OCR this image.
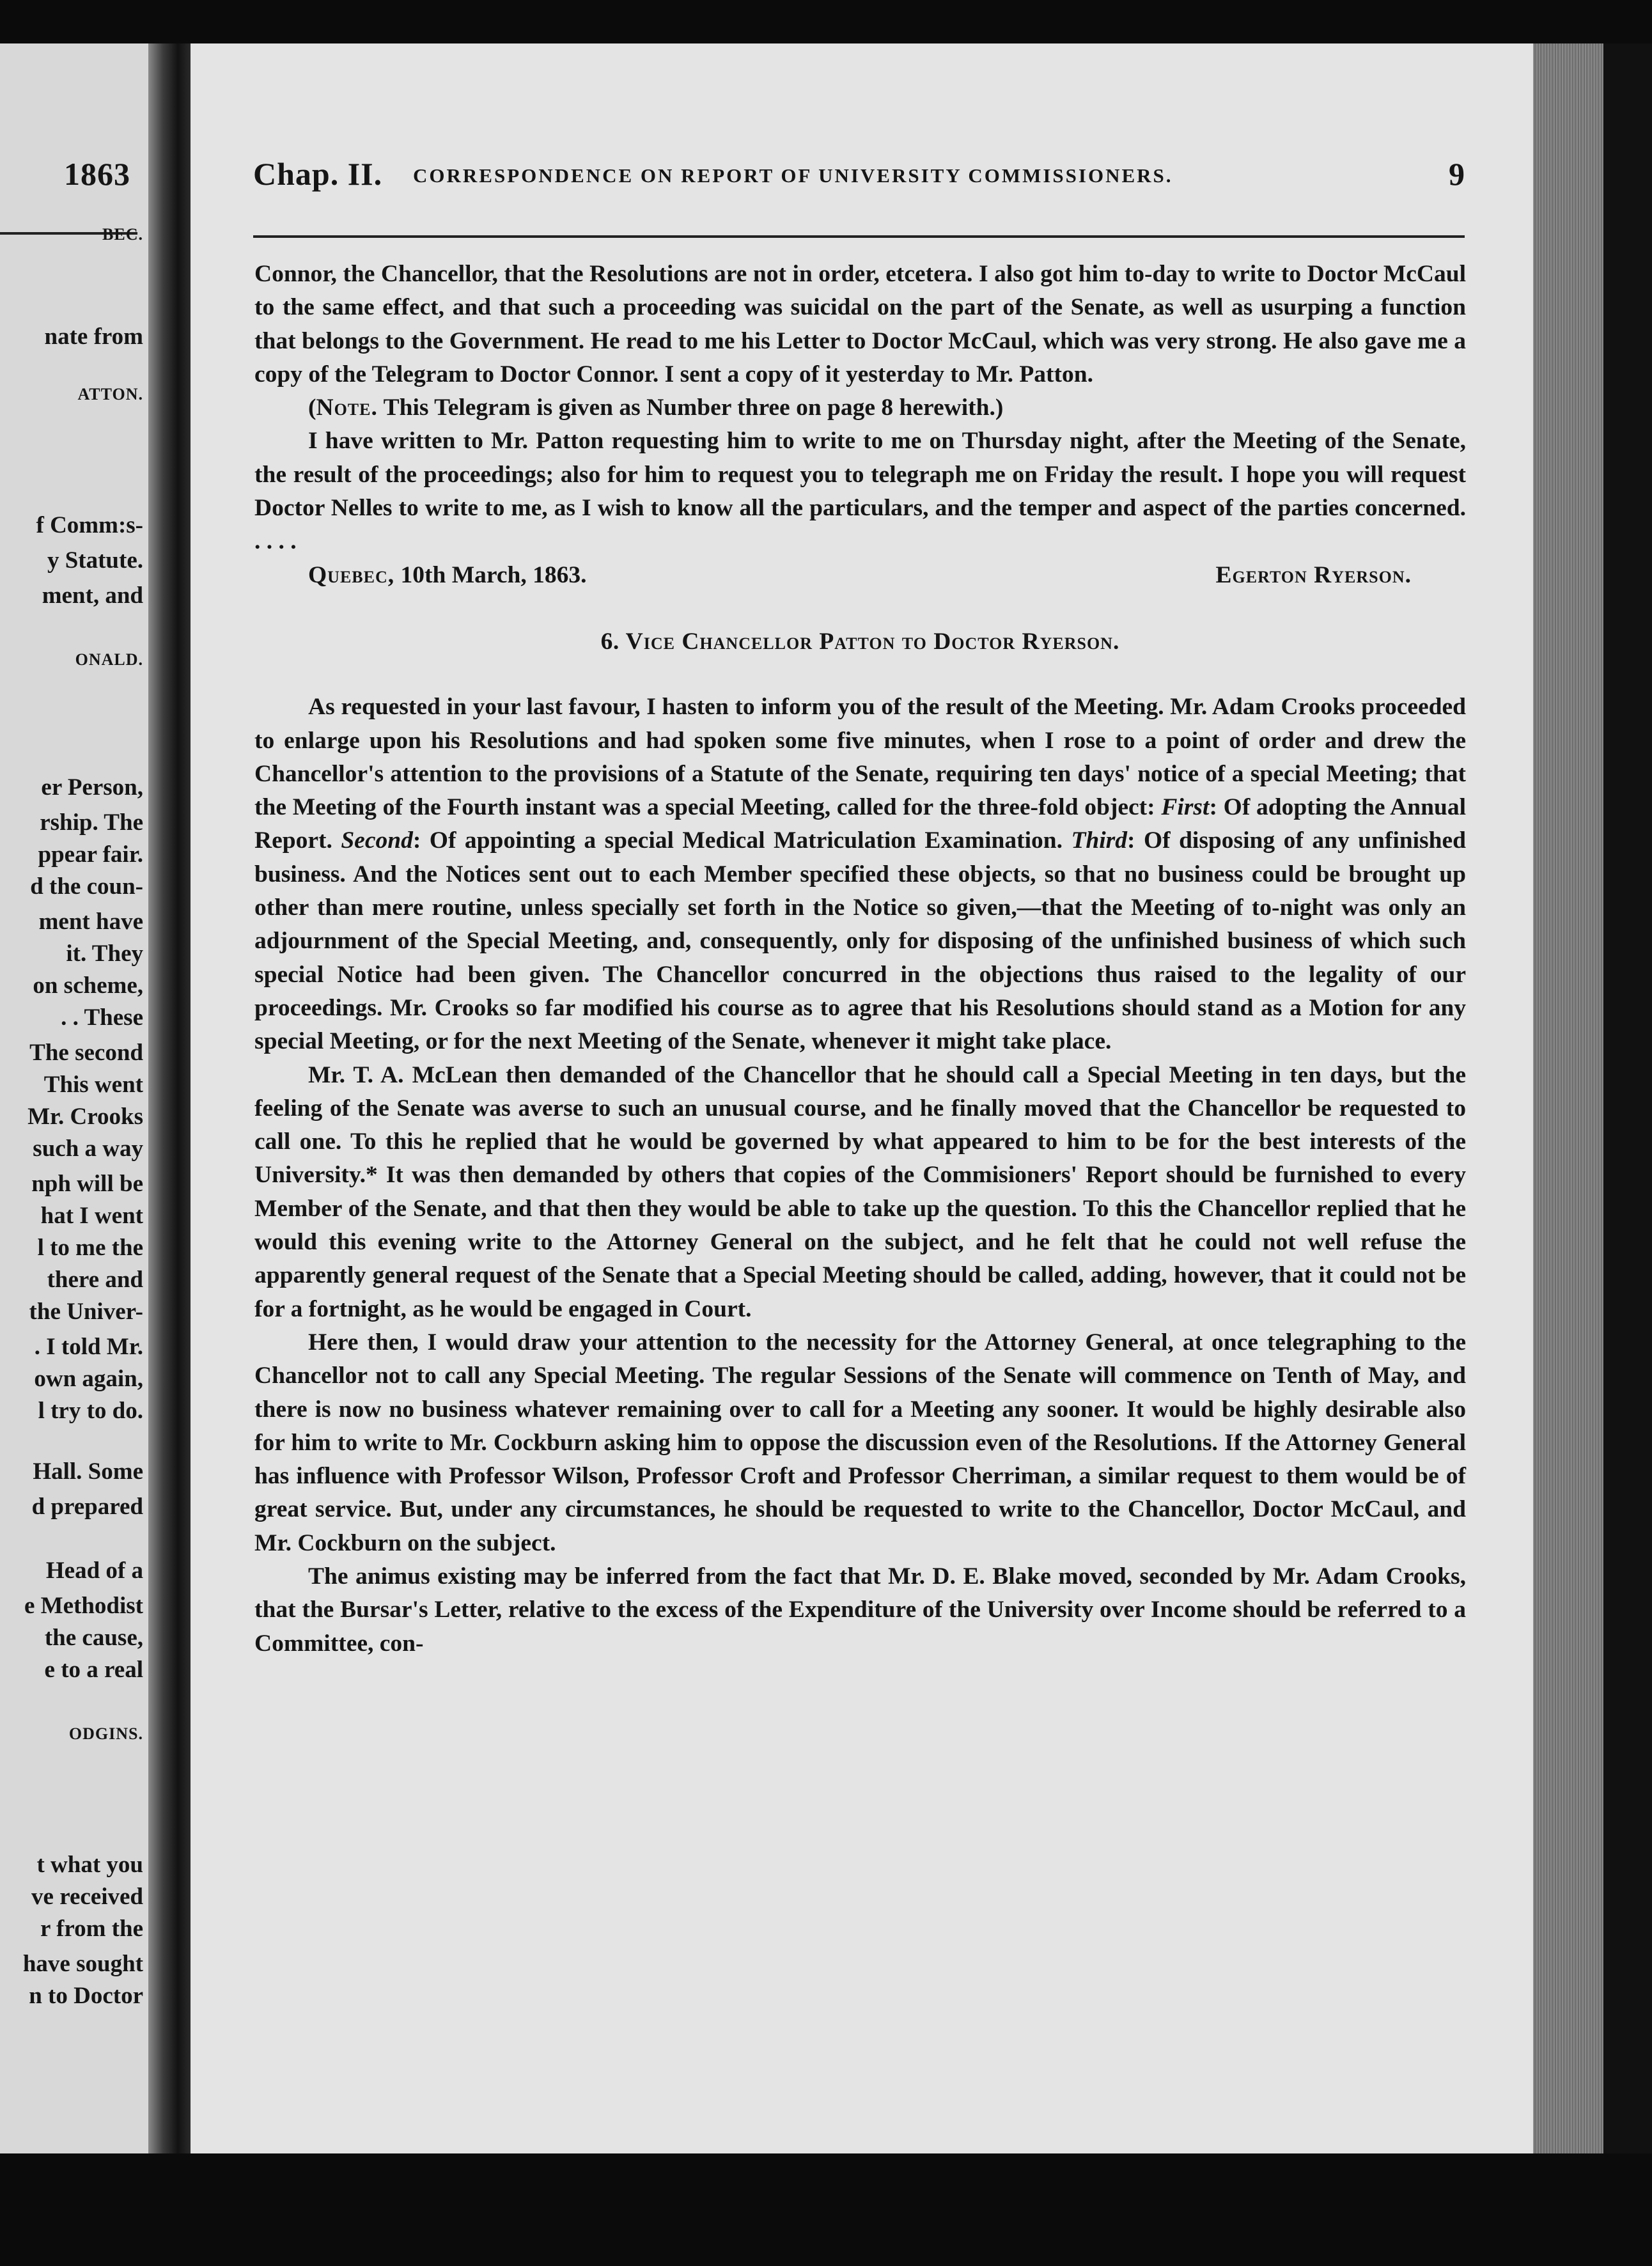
1863
BEC.
nate from
ATTON.
f Comm:s-
y Statute.
ment, and
ONALD.
er Person,
rship. The
ppear fair.
d the coun-
ment have
it. They
on scheme,
. . These
The second
This went
Mr. Crooks
such a way
nph will be
hat I went
l to me the
there and
the Univer-
. I told Mr.
own again,
l try to do.
Hall. Some
d prepared
Head of a
e Methodist
the cause,
e to a real
ODGINS.
t what you
ve received
r from the
have sought
n to Doctor
Chap. II. CORRESPONDENCE ON REPORT OF UNIVERSITY COMMISSIONERS.	9

Connor, the Chancellor, that the Resolutions are not in order, etcetera. I also got him to-day to write to Doctor McCaul to the same effect, and that such a proceeding was suicidal on the part of the Senate, as well as usurping a function that belongs to the Government. He read to me his Letter to Doctor McCaul, which was very strong. He also gave me a copy of the Telegram to Doctor Connor. I sent a copy of it yesterday to Mr. Patton.

(Note. This Telegram is given as Number three on page 8 herewith.)

I have written to Mr. Patton requesting him to write to me on Thursday night, after the Meeting of the Senate, the result of the proceedings; also for him to request you to telegraph me on Friday the result. I hope you will request Doctor Nelles to write to me, as I wish to know all the particulars, and the temper and aspect of the parties concerned. . . . .

Quebec, 10th March, 1863.	Egerton Ryerson.
6. Vice Chancellor Patton to Doctor Ryerson.

As requested in your last favour, I hasten to inform you of the result of the Meeting. Mr. Adam Crooks proceeded to enlarge upon his Resolutions and had spoken some five minutes, when I rose to a point of order and drew the Chancellor's attention to the provisions of a Statute of the Senate, requiring ten days' notice of a special Meeting; that the Meeting of the Fourth instant was a special Meeting, called for the three-fold object: First: Of adopting the Annual Report. Second: Of appointing a special Medical Matriculation Examination. Third: Of disposing of any unfinished business. And the Notices sent out to each Member specified these objects, so that no business could be brought up other than mere routine, unless specially set forth in the Notice so given,—that the Meeting of to-night was only an adjournment of the Special Meeting, and, consequently, only for disposing of the unfinished business of which such special Notice had been given. The Chancellor concurred in the objections thus raised to the legality of our proceedings. Mr. Crooks so far modified his course as to agree that his Resolutions should stand as a Motion for any special Meeting, or for the next Meeting of the Senate, whenever it might take place.

Mr. T. A. McLean then demanded of the Chancellor that he should call a Special Meeting in ten days, but the feeling of the Senate was averse to such an unusual course, and he finally moved that the Chancellor be requested to call one. To this he replied that he would be governed by what appeared to him to be for the best interests of the University.* It was then demanded by others that copies of the Commisioners' Report should be furnished to every Member of the Senate, and that then they would be able to take up the question. To this the Chancellor replied that he would this evening write to the Attorney General on the subject, and he felt that he could not well refuse the apparently general request of the Senate that a Special Meeting should be called, adding, however, that it could not be for a fortnight, as he would be engaged in Court.

Here then, I would draw your attention to the necessity for the Attorney General, at once telegraphing to the Chancellor not to call any Special Meeting. The regular Sessions of the Senate will commence on Tenth of May, and there is now no business whatever remaining over to call for a Meeting any sooner. It would be highly desirable also for him to write to Mr. Cockburn asking him to oppose the discussion even of the Resolutions. If the Attorney General has influence with Professor Wilson, Professor Croft and Professor Cherriman, a similar request to them would be of great service. But, under any circumstances, he should be requested to write to the Chancellor, Doctor McCaul, and Mr. Cockburn on the subject.

The animus existing may be inferred from the fact that Mr. D. E. Blake moved, seconded by Mr. Adam Crooks, that the Bursar's Letter, relative to the excess of the Expenditure of the University over Income should be referred to a Committee, con-
